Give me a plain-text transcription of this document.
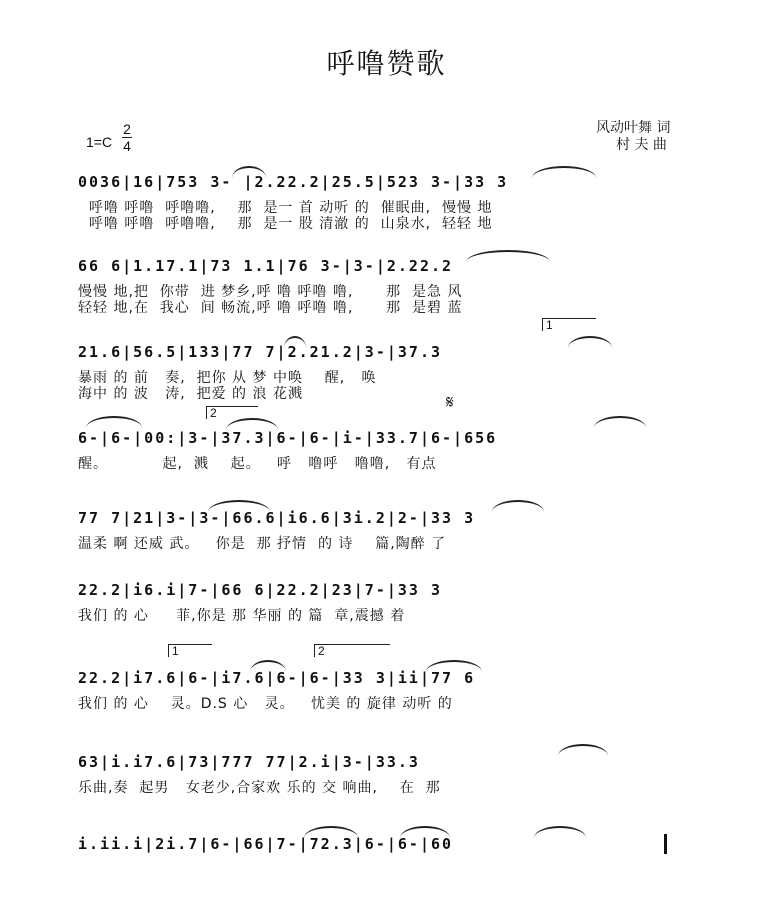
呼噜赞歌
风动叶舞 词
村 夫 曲
1=C
2
4
0036|16|753 3- |2.22.2|25.5|523 3-|33 3
呼噜 呼噜  呼噜噜,    那  是一 首 动听 的  催眠曲,  慢慢 地
呼噜 呼噜  呼噜噜,    那  是一 股 清澈 的  山泉水,  轻轻 地
66 6|1.17.1|73 1.1|76 3-|3-|2.22.2
慢慢 地,把  你带  进 梦乡,呼 噜 呼噜 噜,      那  是急 风
轻轻 地,在  我心  间 畅流,呼 噜 呼噜 噜,      那  是碧 蓝
1
21.6|56.5|133|77 7|2.21.2|3-|37.3
暴雨 的 前   奏,  把你 从 梦 中唤    醒,   唤
海中 的 波   涛,  把爱 的 浪 花溅	𝄋
2
6-|6-|00:|3-|37.3|6-|6-|i-|33.7|6-|656
醒。          起,  溅    起。   呼   噜呼   噜噜,   有点
77 7|21|3-|3-|66.6|i6.6|3i.2|2-|33 3
温柔 啊 还威 武。   你是  那 抒情  的 诗    篇,陶醉 了
22.2|i6.i|7-|66 6|22.2|23|7-|33 3
我们 的 心     菲,你是 那 华丽 的 篇  章,震撼 着
1	2
22.2|i7.6|6-|i7.6|6-|6-|33 3|ii|77 6
我们 的 心    灵。D.S 心   灵。   忧美 的 旋律 动听 的
63|i.i7.6|73|777 77|2.i|3-|33.3
乐曲,奏  起男   女老少,合家欢 乐的 交 响曲,    在  那
i.ii.i|2i.7|6-|66|7-|72.3|6-|6-|60
